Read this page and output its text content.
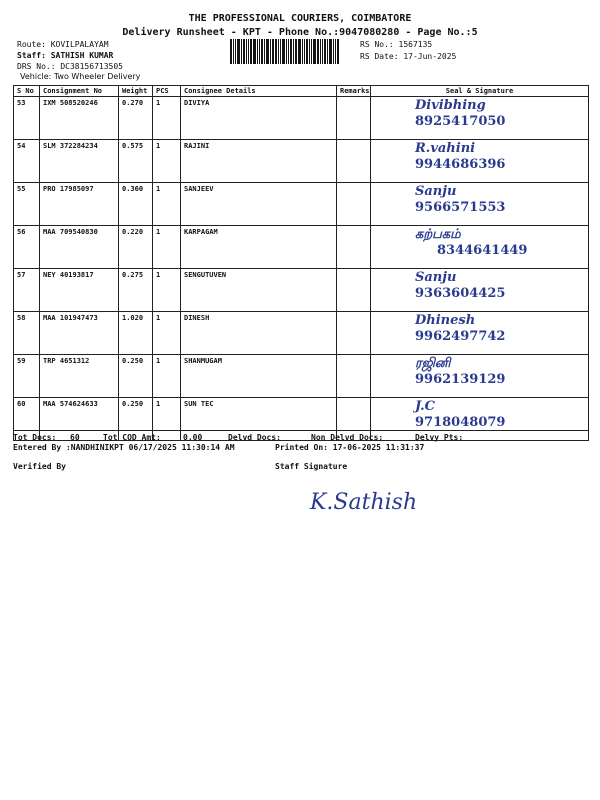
THE PROFESSIONAL COURIERS, COIMBATORE
Delivery Runsheet - KPT - Phone No.:9047080280 - Page No.:5
Route: KOVILPALAYAM
Staff: SATHISH KUMAR
DRS No.: DC38156713505
Vehicle: Two Wheeler Delivery
RS No.: 1567135
RS Date: 17-Jun-2025
S No	Consignment No	Weight	PCS	Consignee Details	Remarks	Seal & Signature
53	IXM 508520246	0.270	1	DIVIYA		Divibhing
8925417050

54	SLM 372284234	0.575	1	RAJINI		R.vahini
9944686396

55	PRO 17985097	0.360	1	SANJEEV		Sanju
9566571553

56	MAA 709540830	0.220	1	KARPAGAM		கற்பகம்
8344641449

57	NEY 40193817	0.275	1	SENGUTUVEN		Sanju
9363604425

58	MAA 101947473	1.020	1	DINESH		Dhinesh
9962497742

59	TRP 4651312	0.250	1	SHANMUGAM		ரஜினி
9962139129

60	MAA 574624633	0.250	1	SUN TEC		J.C
9718048079
Tot Docs: 60	Tot COD Amt:	0.00	Delvd Docs:	Non Delvd Docs:	Delvy Pts:
Entered By :NANDHINIKPT 06/17/2025 11:30:14 AM	Printed On: 17-06-2025 11:31:37
Verified By	Staff Signature
K.Sathish
